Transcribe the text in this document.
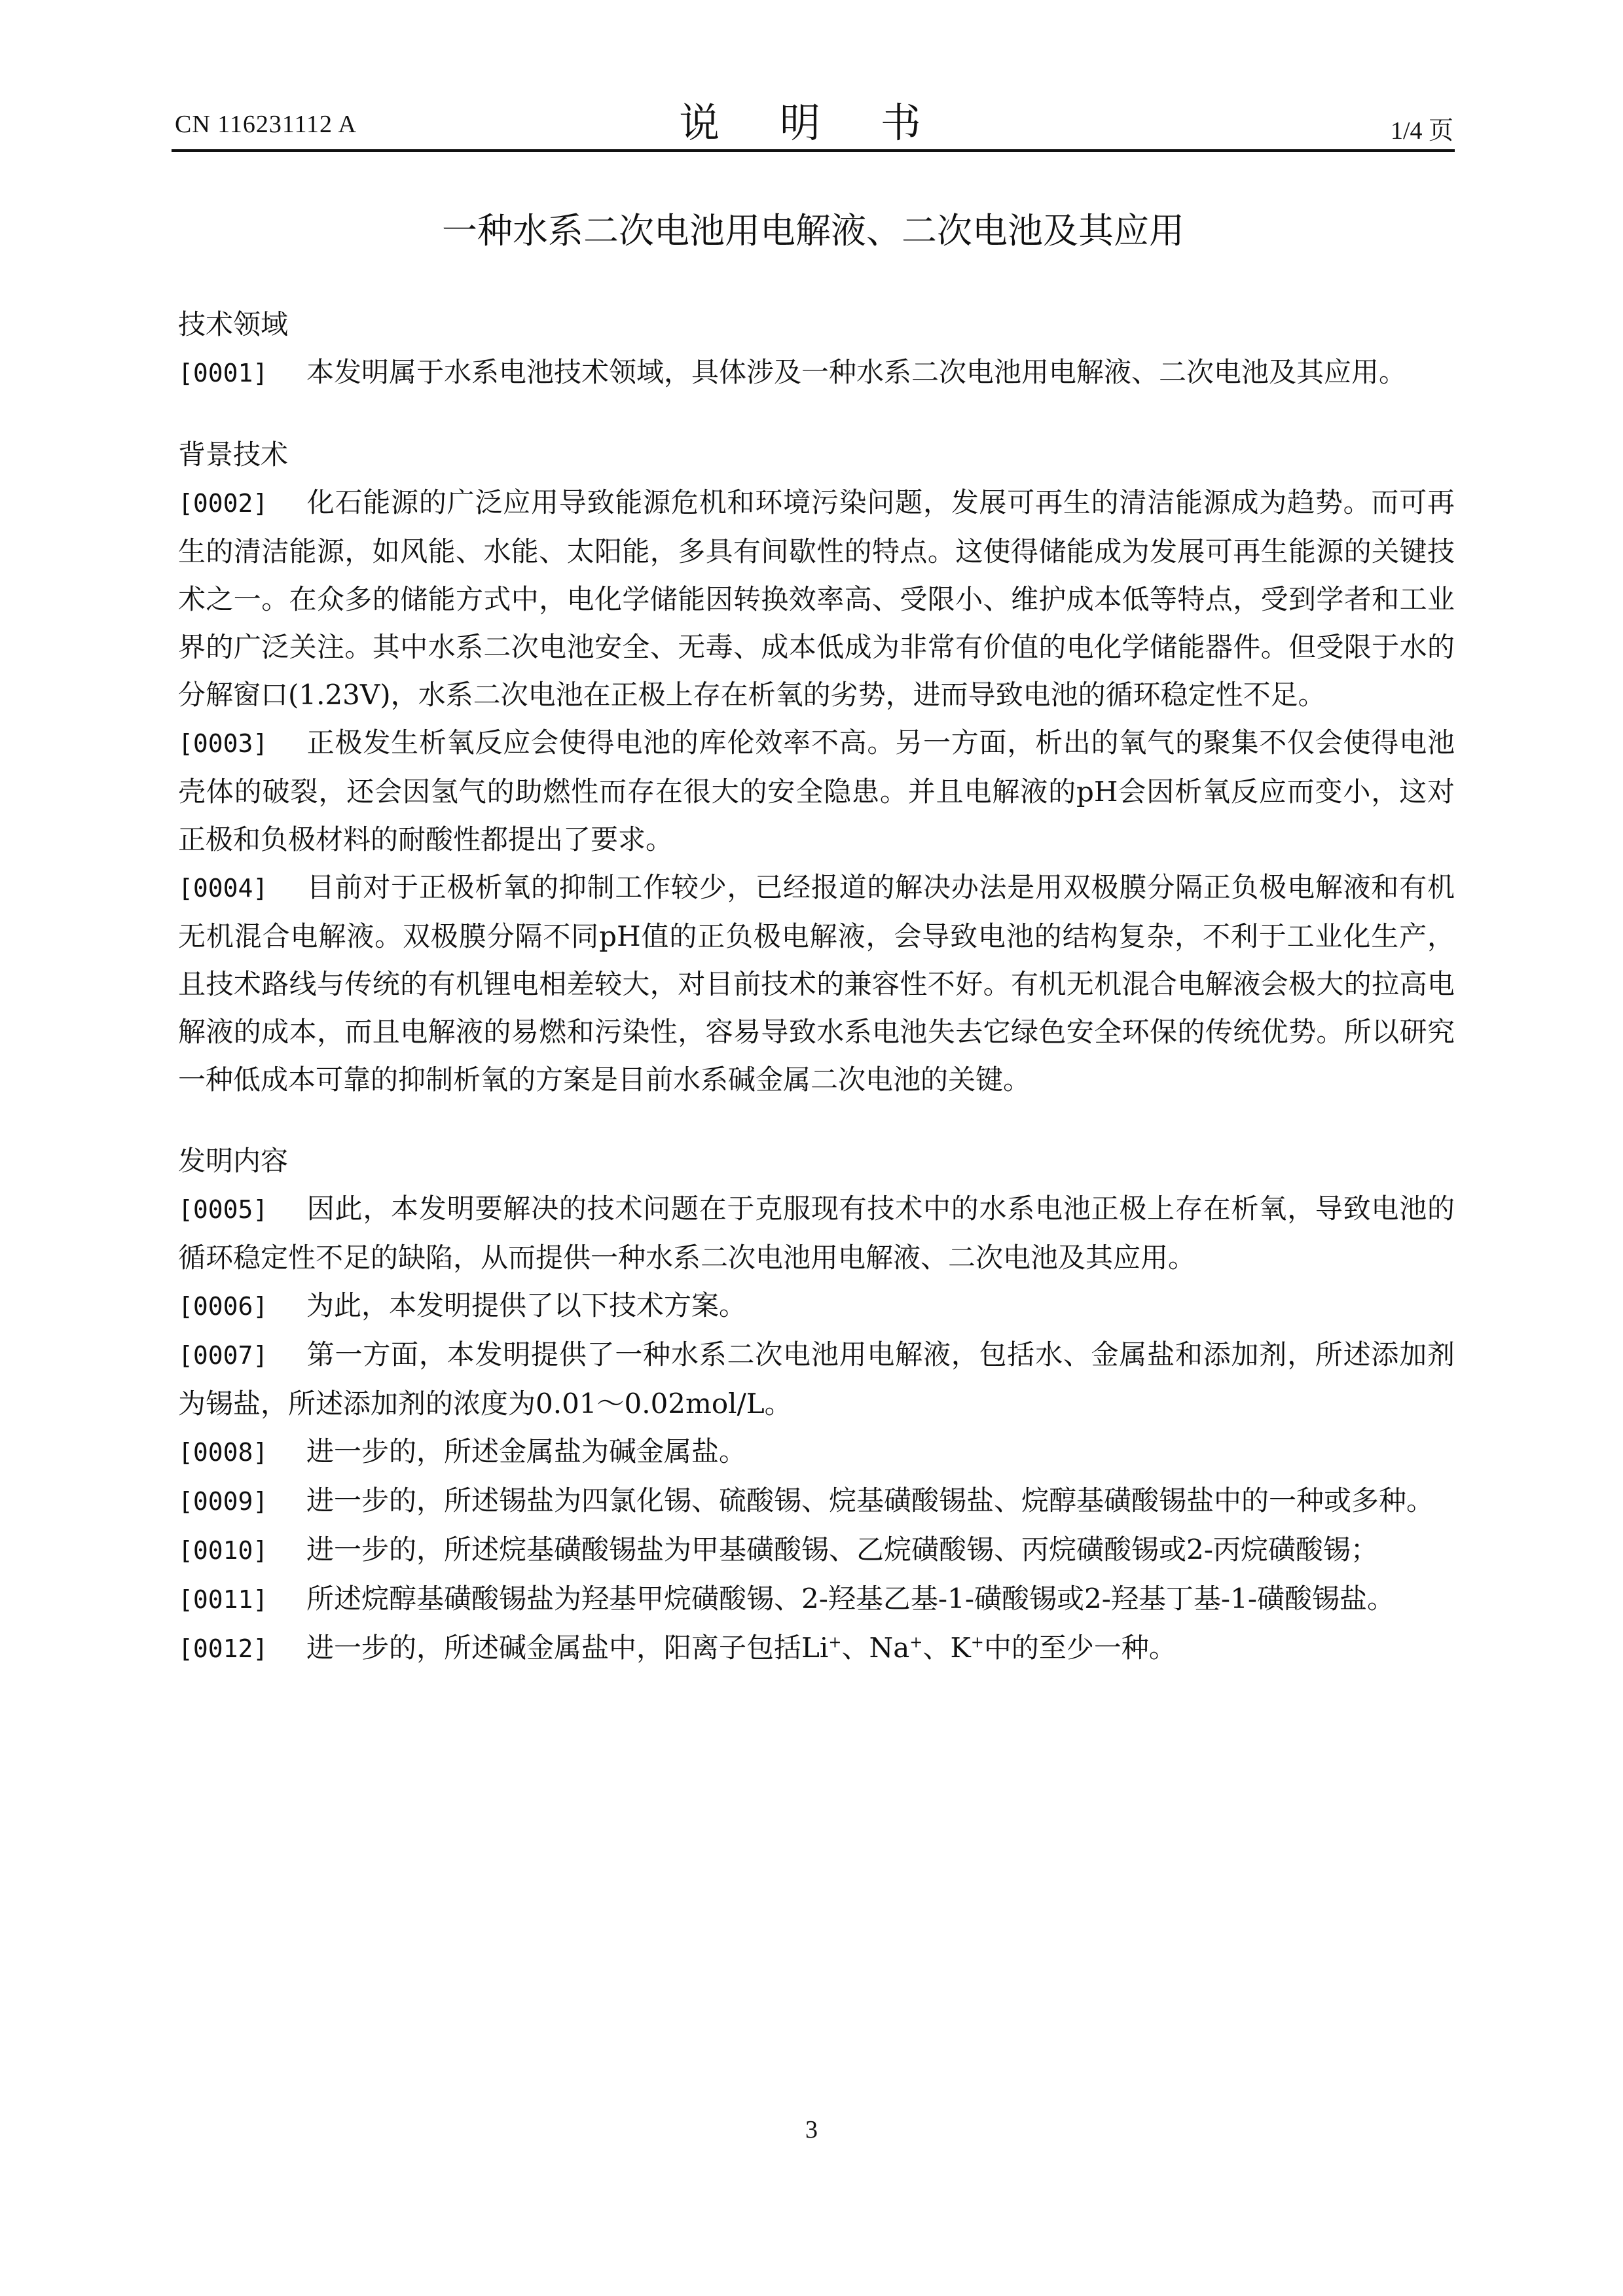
CN 116231112 A	说 明 书	1/4 页
一种水系二次电池用电解液、二次电池及其应用
技术领域

[0001] 本发明属于水系电池技术领域，具体涉及一种水系二次电池用电解液、二次电池及其应用。

背景技术

[0002] 化石能源的广泛应用导致能源危机和环境污染问题，发展可再生的清洁能源成为趋势。而可再生的清洁能源，如风能、水能、太阳能，多具有间歇性的特点。这使得储能成为发展可再生能源的关键技术之一。在众多的储能方式中，电化学储能因转换效率高、受限小、维护成本低等特点，受到学者和工业界的广泛关注。其中水系二次电池安全、无毒、成本低成为非常有价值的电化学储能器件。但受限于水的分解窗口(1.23V)，水系二次电池在正极上存在析氧的劣势，进而导致电池的循环稳定性不足。

[0003] 正极发生析氧反应会使得电池的库伦效率不高。另一方面，析出的氧气的聚集不仅会使得电池壳体的破裂，还会因氢气的助燃性而存在很大的安全隐患。并且电解液的pH会因析氧反应而变小，这对正极和负极材料的耐酸性都提出了要求。

[0004] 目前对于正极析氧的抑制工作较少，已经报道的解决办法是用双极膜分隔正负极电解液和有机无机混合电解液。双极膜分隔不同pH值的正负极电解液，会导致电池的结构复杂，不利于工业化生产，且技术路线与传统的有机锂电相差较大，对目前技术的兼容性不好。有机无机混合电解液会极大的拉高电解液的成本，而且电解液的易燃和污染性，容易导致水系电池失去它绿色安全环保的传统优势。所以研究一种低成本可靠的抑制析氧的方案是目前水系碱金属二次电池的关键。

发明内容

[0005] 因此，本发明要解决的技术问题在于克服现有技术中的水系电池正极上存在析氧，导致电池的循环稳定性不足的缺陷，从而提供一种水系二次电池用电解液、二次电池及其应用。

[0006] 为此，本发明提供了以下技术方案。

[0007] 第一方面，本发明提供了一种水系二次电池用电解液，包括水、金属盐和添加剂，所述添加剂为锡盐，所述添加剂的浓度为0.01～0.02mol/L。

[0008] 进一步的，所述金属盐为碱金属盐。

[0009] 进一步的，所述锡盐为四氯化锡、硫酸锡、烷基磺酸锡盐、烷醇基磺酸锡盐中的一种或多种。

[0010] 进一步的，所述烷基磺酸锡盐为甲基磺酸锡、乙烷磺酸锡、丙烷磺酸锡或2-丙烷磺酸锡；

[0011] 所述烷醇基磺酸锡盐为羟基甲烷磺酸锡、2-羟基乙基-1-磺酸锡或2-羟基丁基-1-磺酸锡盐。

[0012] 进一步的，所述碱金属盐中，阳离子包括Li+、Na+、K+中的至少一种。

3
